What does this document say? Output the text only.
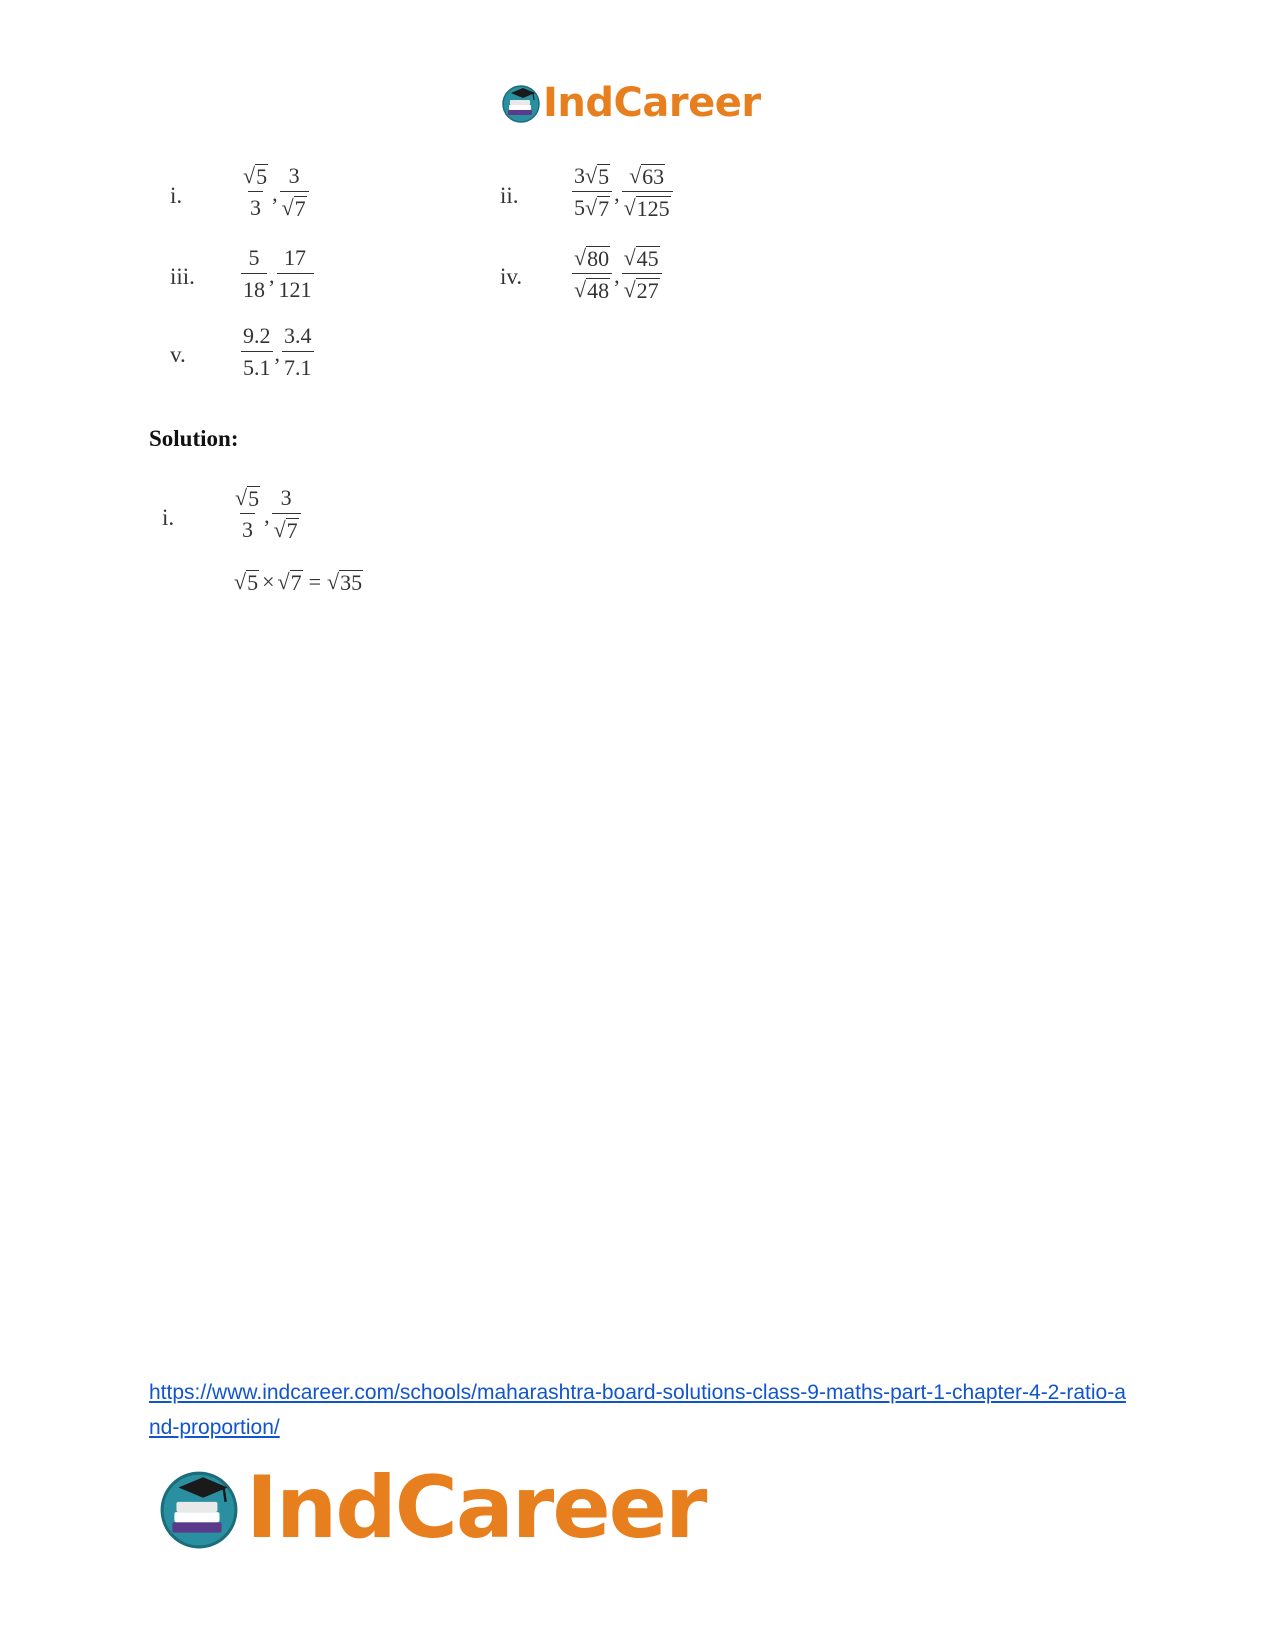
IndCareer
i.	$\frac{√ 5}{3}$ , $\frac{3}{√ 7}$	ii. $\frac{3 √ 5}{5 √ 7}$ , $\frac{√ 63}{√ 125}$
iii. $\frac{5}{18}$ , $\frac{17}{121}$	iv. $\frac{√ 80}{√ 48}$ , $\frac{√ 45}{√ 27}$
v.	$\frac{9.2}{5.1}$ , $\frac{3.4}{7.1}$
Solution:
i.	$\frac{√ 5}{3}$ , $\frac{3}{√ 7}$
√ 5 × √ 7 = √ 35
https://www.indcareer.com/schools/maharashtra-board-solutions-class-9-maths-part-1-chapter-4-2-ratio-and-proportion/
IndCareer
